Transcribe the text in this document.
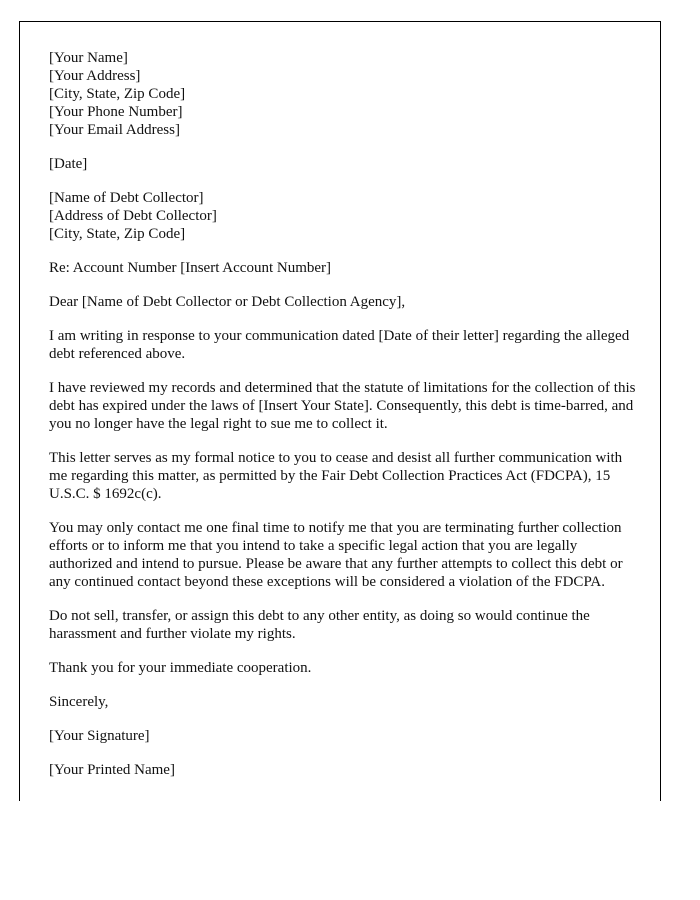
[Your Name]
[Your Address]
[City, State, Zip Code]
[Your Phone Number]
[Your Email Address]

[Date]

[Name of Debt Collector]
[Address of Debt Collector]
[City, State, Zip Code]

Re: Account Number [Insert Account Number]

Dear [Name of Debt Collector or Debt Collection Agency],

I am writing in response to your communication dated [Date of their letter] regarding the alleged debt referenced above.

I have reviewed my records and determined that the statute of limitations for the collection of this debt has expired under the laws of [Insert Your State]. Consequently, this debt is time-barred, and you no longer have the legal right to sue me to collect it.

This letter serves as my formal notice to you to cease and desist all further communication with me regarding this matter, as permitted by the Fair Debt Collection Practices Act (FDCPA), 15 U.S.C. $ 1692c(c).

You may only contact me one final time to notify me that you are terminating further collection efforts or to inform me that you intend to take a specific legal action that you are legally authorized and intend to pursue. Please be aware that any further attempts to collect this debt or any continued contact beyond these exceptions will be considered a violation of the FDCPA.

Do not sell, transfer, or assign this debt to any other entity, as doing so would continue the harassment and further violate my rights.

Thank you for your immediate cooperation.

Sincerely,

[Your Signature]

[Your Printed Name]
